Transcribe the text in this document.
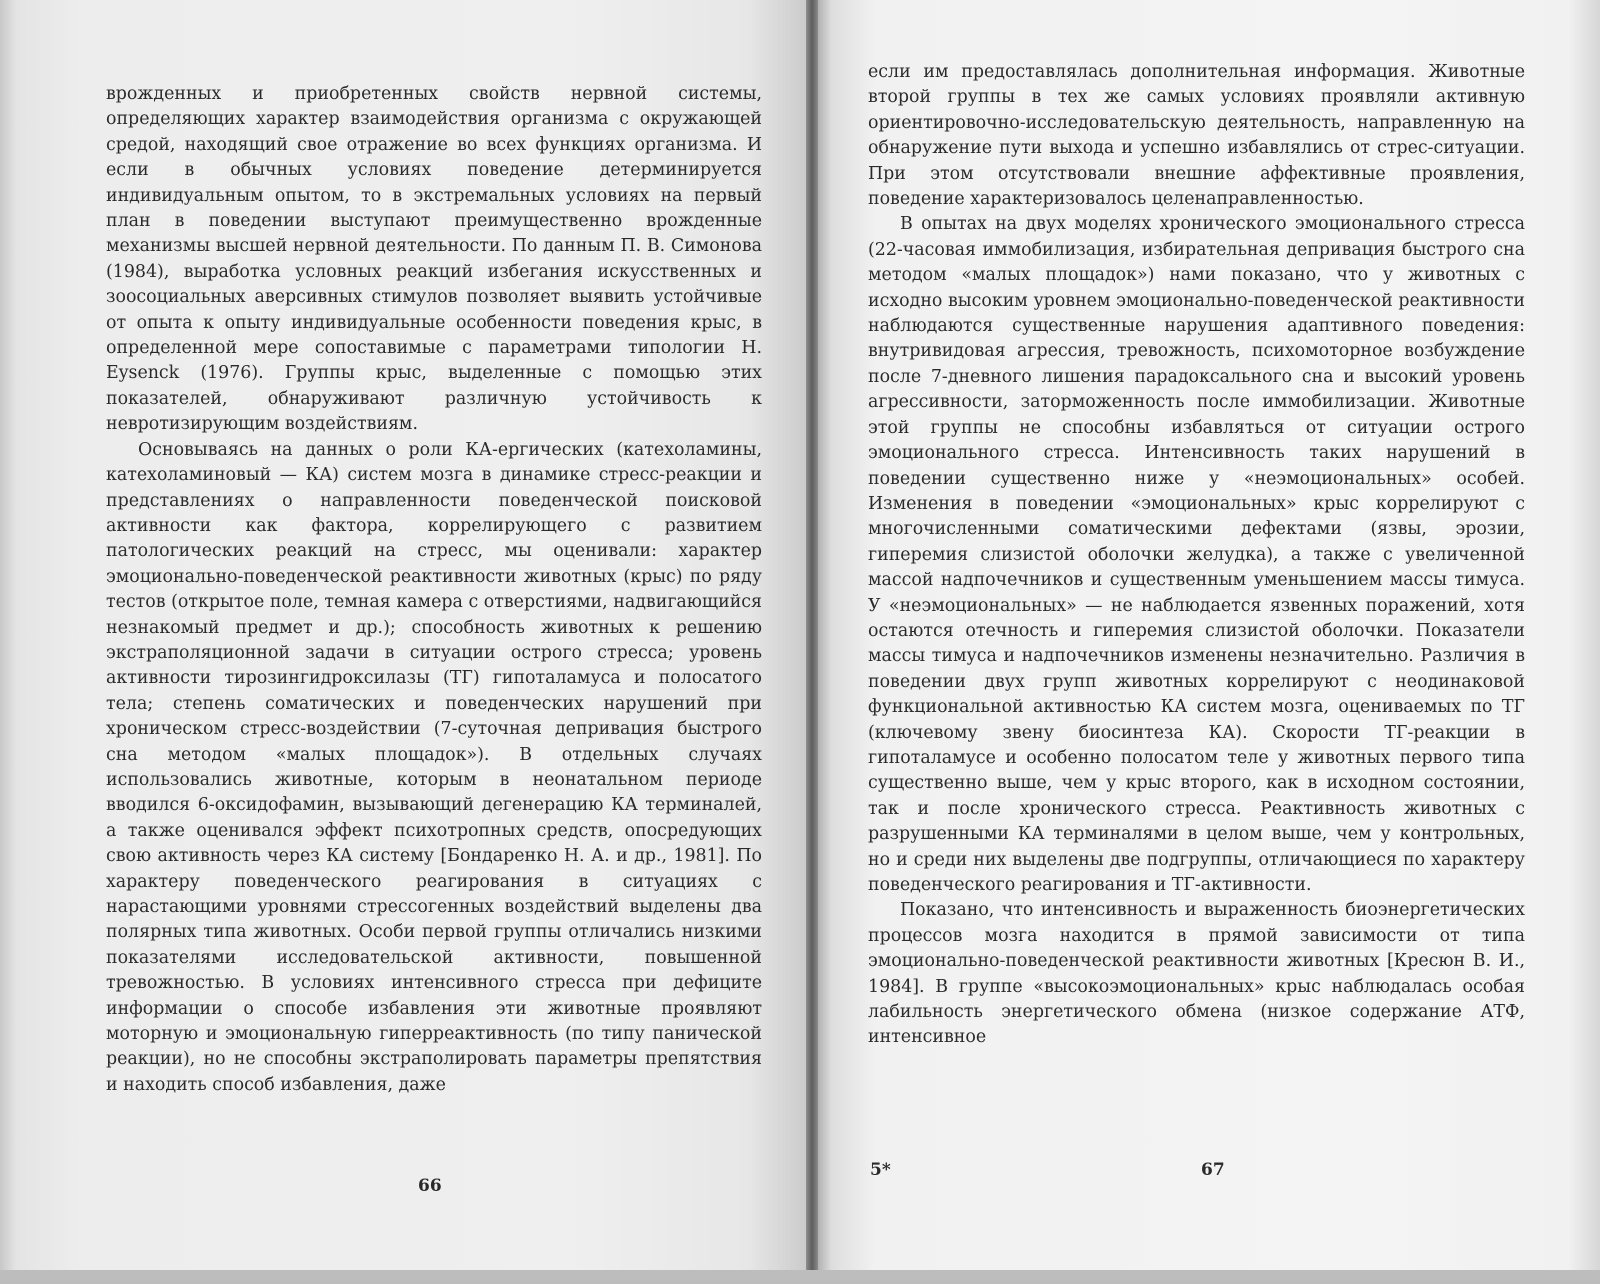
врожденных и приобретенных свойств нервной системы, определяющих характер взаимодействия организма с окружающей средой, находящий свое отражение во всех функциях организма. И если в обычных условиях поведение детерминируется индивидуальным опытом, то в экстремальных условиях на первый план в поведении выступают преимущественно врожденные механизмы высшей нервной деятельности. По данным П. В. Симонова (1984), выработка условных реакций избегания искусственных и зоосоциальных аверсивных стимулов позволяет выявить устойчивые от опыта к опыту индивидуальные особенности поведения крыс, в определенной мере сопоставимые с параметрами типологии H. Eysenck (1976). Группы крыс, выделенные с помощью этих показателей, обнаруживают различную устойчивость к невротизирующим воздействиям.

Основываясь на данных о роли КА-ергических (катехоламины, катехоламиновый — КА) систем мозга в динамике стресс-реакции и представлениях о направленности поведенческой поисковой активности как фактора, коррелирующего с развитием патологических реакций на стресс, мы оценивали: характер эмоционально-поведенческой реактивности животных (крыс) по ряду тестов (открытое поле, темная камера с отверстиями, надвигающийся незнакомый предмет и др.); способность животных к решению экстраполяционной задачи в ситуации острого стресса; уровень активности тирозингидроксилазы (ТГ) гипоталамуса и полосатого тела; степень соматических и поведенческих нарушений при хроническом стресс-воздействии (7-суточная депривация быстрого сна методом «малых площадок»). В отдельных случаях использовались животные, которым в неонатальном периоде вводился 6-оксидофамин, вызывающий дегенерацию КА терминалей, а также оценивался эффект психотропных средств, опосредующих свою активность через КА систему [Бондаренко Н. А. и др., 1981]. По характеру поведенческого реагирования в ситуациях с нарастающими уровнями стрессогенных воздействий выделены два полярных типа животных. Особи первой группы отличались низкими показателями исследовательской активности, повышенной тревожностью. В условиях интенсивного стресса при дефиците информации о способе избавления эти животные проявляют моторную и эмоциональную гиперреактивность (по типу панической реакции), но не способны экстраполировать параметры препятствия и находить способ избавления, даже

если им предоставлялась дополнительная информация. Животные второй группы в тех же самых условиях проявляли активную ориентировочно-исследовательскую деятельность, направленную на обнаружение пути выхода и успешно избавлялись от стрес-ситуации. При этом отсутствовали внешние аффективные проявления, поведение характеризовалось целенаправленностью.

В опытах на двух моделях хронического эмоционального стресса (22-часовая иммобилизация, избирательная депривация быстрого сна методом «малых площадок») нами показано, что у животных с исходно высоким уровнем эмоционально-поведенческой реактивности наблюдаются существенные нарушения адаптивного поведения: внутривидовая агрессия, тревожность, психомоторное возбуждение после 7-дневного лишения парадоксального сна и высокий уровень агрессивности, заторможенность после иммобилизации. Животные этой группы не способны избавляться от ситуации острого эмоционального стресса. Интенсивность таких нарушений в поведении существенно ниже у «неэмоциональных» особей. Изменения в поведении «эмоциональных» крыс коррелируют с многочисленными соматическими дефектами (язвы, эрозии, гиперемия слизистой оболочки желудка), а также с увеличенной массой надпочечников и существенным уменьшением массы тимуса. У «неэмоциональных» — не наблюдается язвенных поражений, хотя остаются отечность и гиперемия слизистой оболочки. Показатели массы тимуса и надпочечников изменены незначительно. Различия в поведении двух групп животных коррелируют с неодинаковой функциональной активностью КА систем мозга, оцениваемых по ТГ (ключевому звену биосинтеза КА). Скорости ТГ-реакции в гипоталамусе и особенно полосатом теле у животных первого типа существенно выше, чем у крыс второго, как в исходном состоянии, так и после хронического стресса. Реактивность животных с разрушенными КА терминалями в целом выше, чем у контрольных, но и среди них выделены две подгруппы, отличающиеся по характеру поведенческого реагирования и ТГ-активности.

Показано, что интенсивность и выраженность биоэнергетических процессов мозга находится в прямой зависимости от типа эмоционально-поведенческой реактивности животных [Кресюн В. И., 1984]. В группе «высокоэмоциональных» крыс наблюдалась особая лабильность энергетического обмена (низкое содержание АТФ, интенсивное

66
5*	67
